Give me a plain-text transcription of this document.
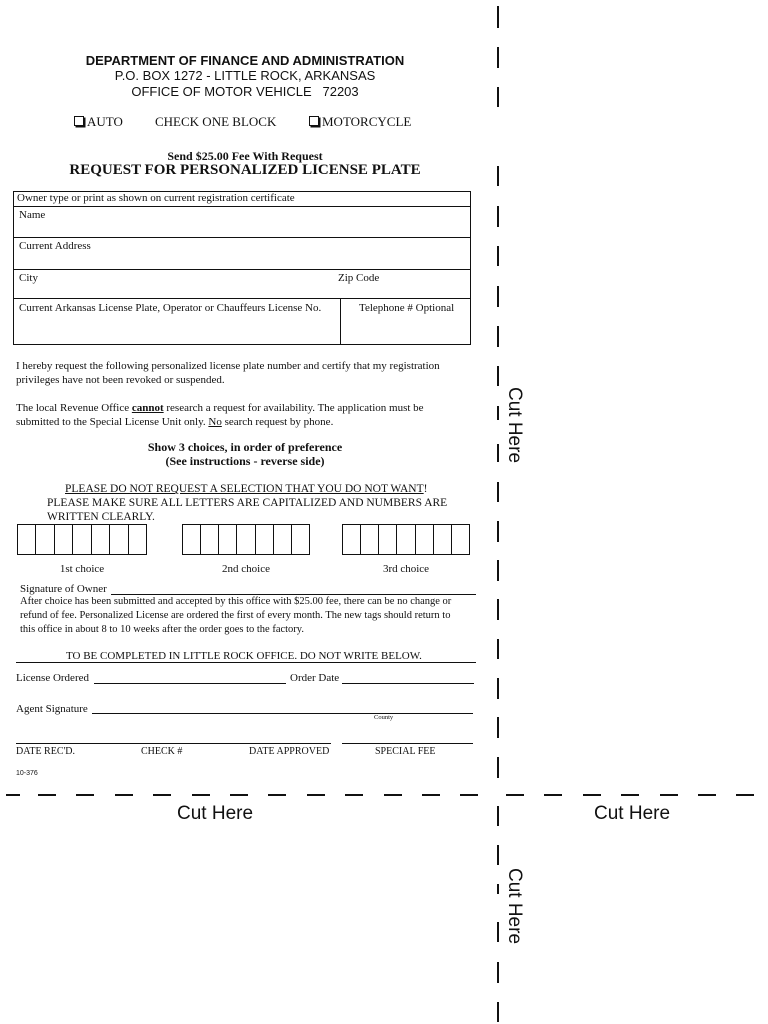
DEPARTMENT OF FINANCE AND ADMINISTRATION
P.O. BOX 1272 - LITTLE ROCK, ARKANSAS
OFFICE OF MOTOR VEHICLE   72203
AUTO CHECK ONE BLOCK	MOTORCYCLE
Send $25.00 Fee With Request
REQUEST FOR PERSONALIZED LICENSE PLATE
Owner type or print as shown on current registration certificate
Name
Current Address
City	Zip Code
Current Arkansas License Plate, Operator or Chauffeurs License No.	Telephone # Optional
I hereby request the following personalized license plate number and certify that my registration
privileges have not been revoked or suspended.
The local Revenue Office cannot research a request for availability. The application must be
submitted to the Special License Unit only. No search request by phone.
Show 3 choices, in order of preference
(See instructions - reverse side)
PLEASE DO NOT REQUEST A SELECTION THAT YOU DO NOT WANT!
PLEASE MAKE SURE ALL LETTERS ARE CAPITALIZED AND NUMBERS ARE
WRITTEN CLEARLY.
1st choice	2nd choice	3rd choice
Signature of Owner
After choice has been submitted and accepted by this office with $25.00 fee, there can be no change or
refund of fee. Personalized License are ordered the first of every month. The new tags should return to
this office in about 8 to 10 weeks after the order goes to the factory.
TO BE COMPLETED IN LITTLE ROCK OFFICE. DO NOT WRITE BELOW.
License Ordered	Order Date
Agent Signature
County
DATE REC'D.	CHECK #	DATE APPROVED	SPECIAL FEE
10-376
Cut Here	Cut Here
Cut Here
Cut Here
